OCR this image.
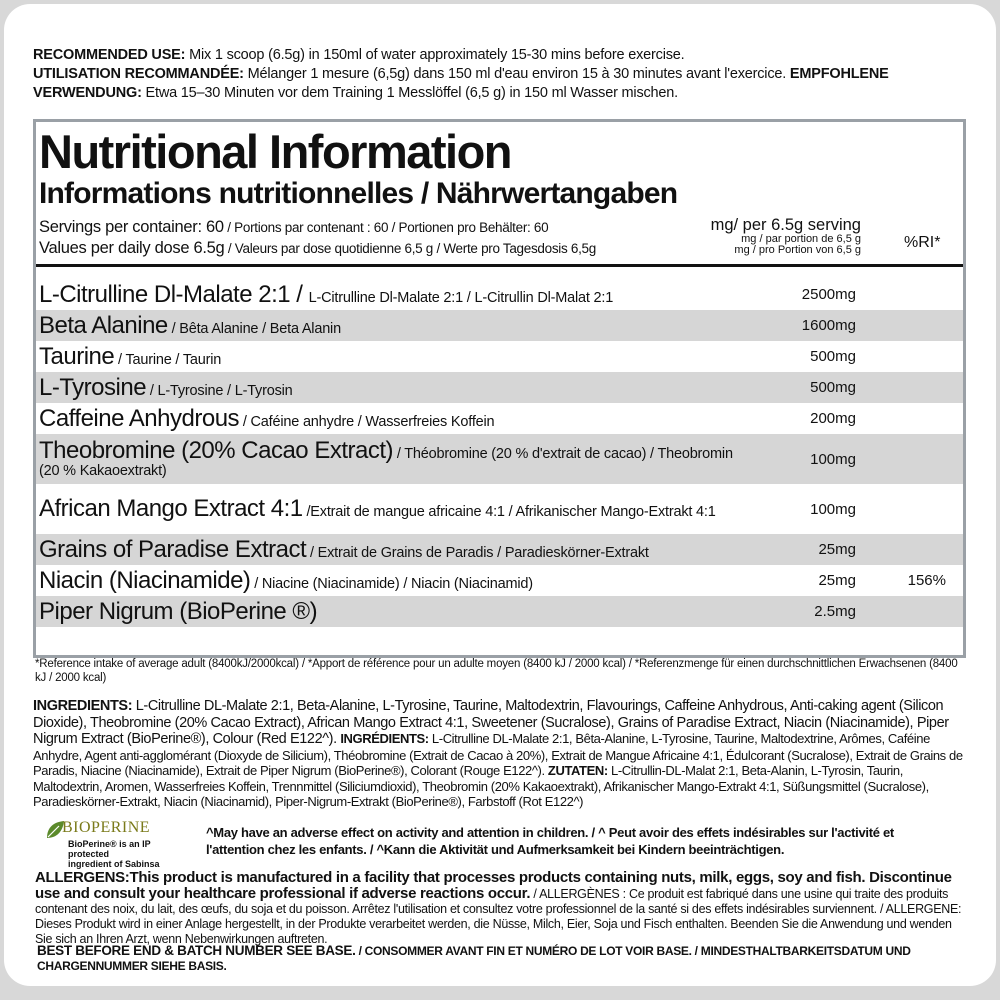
RECOMMENDED USE: Mix 1 scoop (6.5g) in 150ml of water approximately 15-30 mins before exercise.
UTILISATION RECOMMANDÉE: Mélanger 1 mesure (6,5g) dans 150 ml d'eau environ 15 à 30 minutes avant l'exercice. EMPFOHLENE
VERWENDUNG: Etwa 15–30 Minuten vor dem Training 1 Messlöffel (6,5 g) in 150 ml Wasser mischen.
Nutritional Information
Informations nutritionnelles / Nährwertangaben
Servings per container: 60 / Portions par contenant : 60 / Portionen pro Behälter: 60
Values per daily dose 6.5g / Valeurs par dose quotidienne 6,5 g / Werte pro Tagesdosis 6,5g
mg/ per 6.5g serving
mg / par portion de 6,5 g
mg / pro Portion von 6,5 g	%RI*
L-Citrulline Dl-Malate 2:1 / L-Citrulline Dl-Malate 2:1 / L-Citrullin Dl-Malat 2:1	2500mg
Beta Alanine / Bêta Alanine / Beta Alanin	1600mg
Taurine / Taurine / Taurin	500mg
L-Tyrosine / L-Tyrosine / L-Tyrosin	500mg
Caffeine Anhydrous / Caféine anhydre / Wasserfreies Koffein	200mg
Theobromine (20% Cacao Extract) / Théobromine (20 % d'extrait de cacao) / Theobromin (20 % Kakaoextrakt)
100mg
African Mango Extract 4:1 /Extrait de mangue africaine 4:1 / Afrikanischer Mango-Extrakt 4:1	100mg
Grains of Paradise Extract / Extrait de Grains de Paradis / Paradieskörner-Extrakt	25mg
Niacin (Niacinamide) / Niacine (Niacinamide) / Niacin (Niacinamid)	25mg	156%
Piper Nigrum (BioPerine ®)	2.5mg
*Reference intake of average adult (8400kJ/2000kcal) / *Apport de référence pour un adulte moyen (8400 kJ / 2000 kcal) / *Referenzmenge für einen durchschnittlichen Erwachsenen (8400 kJ / 2000 kcal)
INGREDIENTS: L-Citrulline DL-Malate 2:1, Beta-Alanine, L-Tyrosine, Taurine, Maltodextrin, Flavourings, Caffeine Anhydrous, Anti-caking agent (Silicon Dioxide), Theobromine (20% Cacao Extract), African Mango Extract 4:1, Sweetener (Sucralose), Grains of Paradise Extract, Niacin (Niacinamide), Piper Nigrum Extract (BioPerine®), Colour (Red E122^). INGRÉDIENTS: L-Citrulline DL-Malate 2:1, Bêta-Alanine, L-Tyrosine, Taurine, Maltodextrine, Arômes, Caféine Anhydre, Agent anti-agglomérant (Dioxyde de Silicium), Théobromine (Extrait de Cacao à 20%), Extrait de Mangue Africaine 4:1, Édulcorant (Sucralose), Extrait de Grains de Paradis, Niacine (Niacinamide), Extrait de Piper Nigrum (BioPerine®), Colorant (Rouge E122^). ZUTATEN: L-Citrullin-DL-Malat 2:1, Beta-Alanin, L-Tyrosin, Taurin, Maltodextrin, Aromen, Wasserfreies Koffein, Trennmittel (Siliciumdioxid), Theobromin (20% Kakaoextrakt), Afrikanischer Mango-Extrakt 4:1, Süßungsmittel (Sucralose), Paradieskörner-Extrakt, Niacin (Niacinamid), Piper-Nigrum-Extrakt (BioPerine®), Farbstoff (Rot E122^)
BIOPERINE
BioPerine® is an IP protected
ingredient of Sabinsa
^May have an adverse effect on activity and attention in children. / ^ Peut avoir des effets indésirables sur l'activité et l'attention chez les enfants. / ^Kann die Aktivität und Aufmerksamkeit bei Kindern beeinträchtigen.
ALLERGENS:This product is manufactured in a facility that processes products containing nuts, milk, eggs, soy and fish. Discontinue use and consult your healthcare professional if adverse reactions occur. / ALLERGÈNES : Ce produit est fabriqué dans une usine qui traite des produits contenant des noix, du lait, des œufs, du soja et du poisson. Arrêtez l'utilisation et consultez votre professionnel de la santé si des effets indésirables surviennent. / ALLERGENE: Dieses Produkt wird in einer Anlage hergestellt, in der Produkte verarbeitet werden, die Nüsse, Milch, Eier, Soja und Fisch enthalten. Beenden Sie die Anwendung und wenden Sie sich an Ihren Arzt, wenn Nebenwirkungen auftreten.
BEST BEFORE END & BATCH NUMBER SEE BASE. / CONSOMMER AVANT FIN ET NUMÉRO DE LOT VOIR BASE. / MINDESTHALTBARKEITSDATUM UND CHARGENNUMMER SIEHE BASIS.
